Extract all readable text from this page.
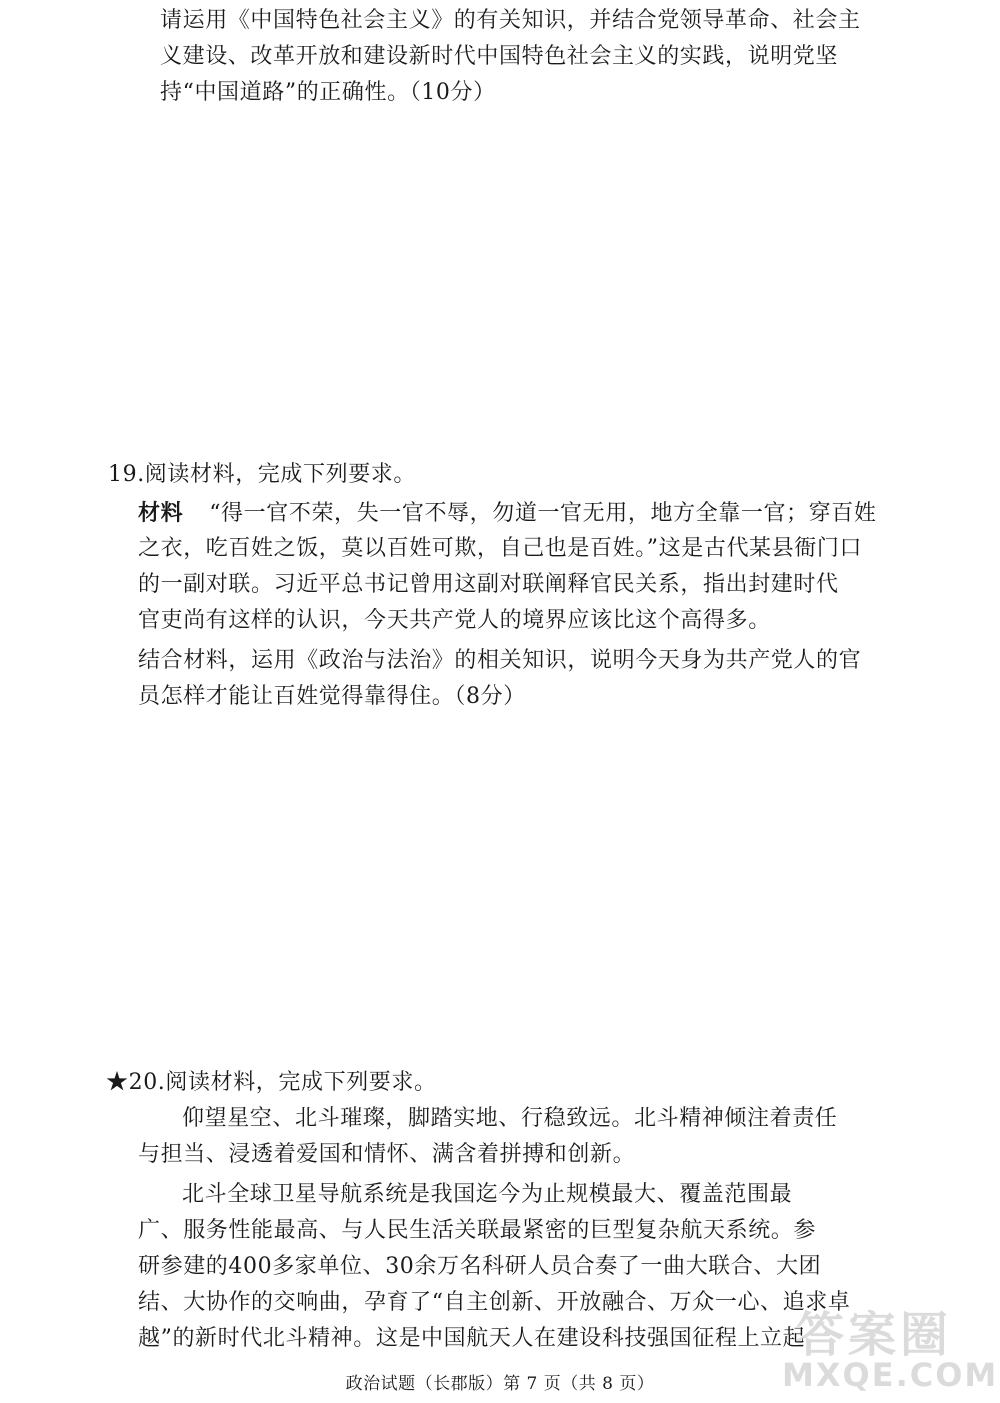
请运用《中国特色社会主义》的有关知识，并结合党领导革命、社会主
义建设、改革开放和建设新时代中国特色社会主义的实践，说明党坚
持“中国道路”的正确性。（10分）
19.阅读材料，完成下列要求。
材料 “得一官不荣，失一官不辱，勿道一官无用，地方全靠一官；穿百姓
之衣，吃百姓之饭，莫以百姓可欺，自己也是百姓。”这是古代某县衙门口
的一副对联。习近平总书记曾用这副对联阐释官民关系，指出封建时代
官吏尚有这样的认识，今天共产党人的境界应该比这个高得多。
结合材料，运用《政治与法治》的相关知识，说明今天身为共产党人的官
员怎样才能让百姓觉得靠得住。（8分）
★20.阅读材料，完成下列要求。
仰望星空、北斗璀璨，脚踏实地、行稳致远。北斗精神倾注着责任
与担当、浸透着爱国和情怀、满含着拼搏和创新。
北斗全球卫星导航系统是我国迄今为止规模最大、覆盖范围最
广、服务性能最高、与人民生活关联最紧密的巨型复杂航天系统。参
研参建的400多家单位、30余万名科研人员合奏了一曲大联合、大团
结、大协作的交响曲，孕育了“自主创新、开放融合、万众一心、追求卓
越”的新时代北斗精神。这是中国航天人在建设科技强国征程上立起
答案圈
MXQE.COM
政治试题（长郡版）第 7 页（共 8 页）
